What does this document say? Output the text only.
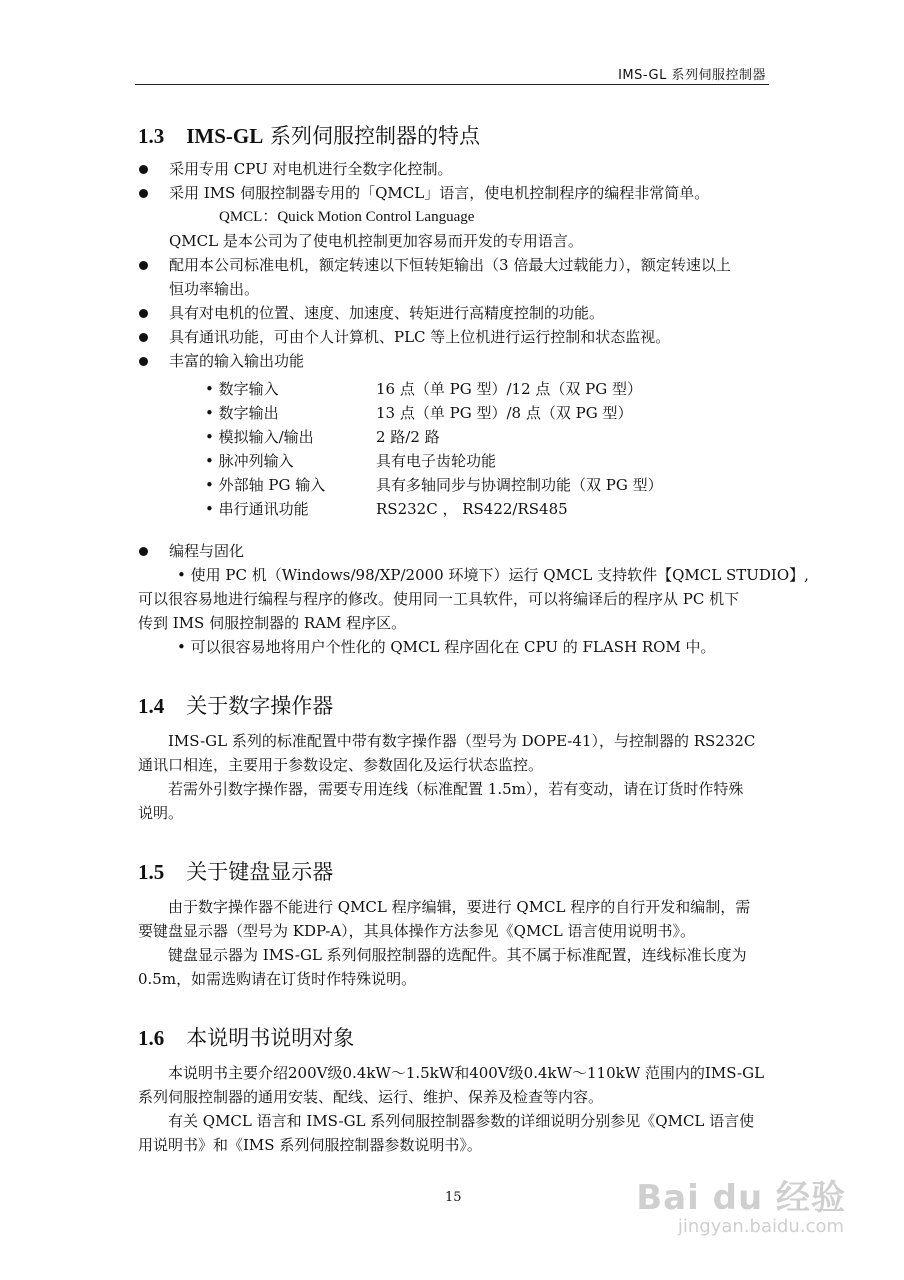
IMS-GL 系列伺服控制器
1.3 IMS-GL 系列伺服控制器的特点
采用专用 CPU 对电机进行全数字化控制。
采用 IMS 伺服控制器专用的「QMCL」语言，使电机控制程序的编程非常简单。
QMCL：Quick Motion Control Language
QMCL 是本公司为了使电机控制更加容易而开发的专用语言。
配用本公司标准电机，额定转速以下恒转矩输出（3 倍最大过载能力），额定转速以上
恒功率输出。
具有对电机的位置、速度、加速度、转矩进行高精度控制的功能。
具有通讯功能，可由个人计算机、PLC 等上位机进行运行控制和状态监视。
丰富的输入输出功能
• 数字输入	16 点（单 PG 型）/12 点（双 PG 型）
• 数字输出	13 点（单 PG 型）/8 点（双 PG 型）
• 模拟输入/输出	2 路/2 路
• 脉冲列输入	具有电子齿轮功能
• 外部轴 PG 输入	具有多轴同步与协调控制功能（双 PG 型）
• 串行通讯功能	RS232C ， RS422/RS485
编程与固化
• 使用 PC 机（Windows/98/XP/2000 环境下）运行 QMCL 支持软件【QMCL STUDIO】,
可以很容易地进行编程与程序的修改。使用同一工具软件，可以将编译后的程序从 PC 机下
传到 IMS 伺服控制器的 RAM 程序区。
• 可以很容易地将用户个性化的 QMCL 程序固化在 CPU 的 FLASH ROM 中。
1.4 关于数字操作器
IMS-GL 系列的标准配置中带有数字操作器（型号为 DOPE-41），与控制器的 RS232C
通讯口相连，主要用于参数设定、参数固化及运行状态监控。
若需外引数字操作器，需要专用连线（标准配置 1.5m），若有变动，请在订货时作特殊
说明。
1.5 关于键盘显示器
由于数字操作器不能进行 QMCL 程序编辑，要进行 QMCL 程序的自行开发和编制，需
要键盘显示器（型号为 KDP-A），其具体操作方法参见《QMCL 语言使用说明书》。
键盘显示器为 IMS-GL 系列伺服控制器的选配件。其不属于标准配置，连线标准长度为
0.5m，如需选购请在订货时作特殊说明。
1.6 本说明书说明对象
本说明书主要介绍200V级0.4kW～1.5kW和400V级0.4kW～110kW 范围内的IMS-GL
系列伺服控制器的通用安装、配线、运行、维护、保养及检查等内容。
有关 QMCL 语言和 IMS-GL 系列伺服控制器参数的详细说明分别参见《QMCL 语言使
用说明书》和《IMS 系列伺服控制器参数说明书》。
15	Bai du 经验
jingyan.baidu.com
